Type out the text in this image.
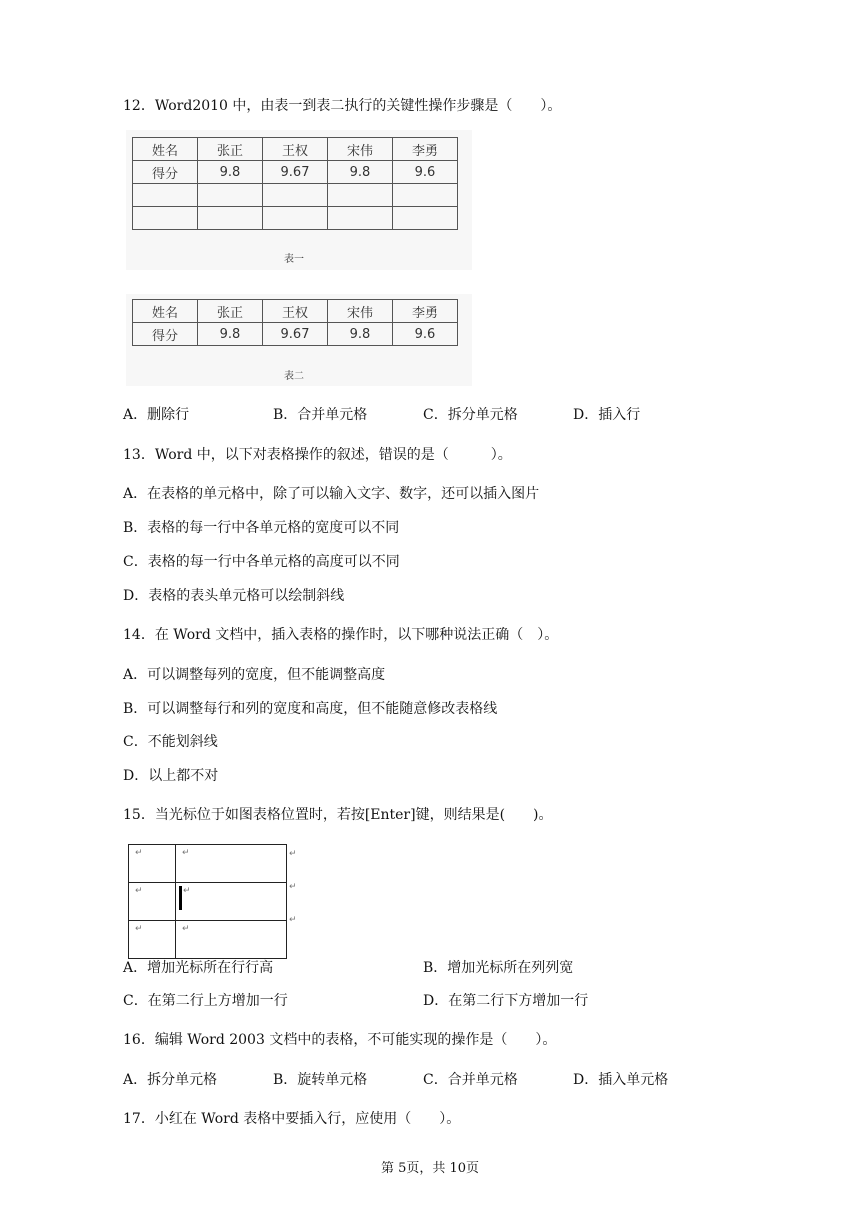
12．Word2010 中，由表一到表二执行的关键性操作步骤是（　　）。
姓名	张正	王权	宋伟	李勇
得分	9.8	9.67	9.8	9.6

表一
姓名	张正	王权	宋伟	李勇
得分	9.8	9.67	9.8	9.6
表二
A．删除行	B．合并单元格	C．拆分单元格	D．插入行
13．Word 中，以下对表格操作的叙述，错误的是（　　　）。
A．在表格的单元格中，除了可以输入文字、数字，还可以插入图片
B．表格的每一行中各单元格的宽度可以不同
C．表格的每一行中各单元格的高度可以不同
D．表格的表头单元格可以绘制斜线
14．在 Word 文档中，插入表格的操作时，以下哪种说法正确（　）。
A．可以调整每列的宽度，但不能调整高度
B．可以调整每行和列的宽度和高度，但不能随意修改表格线
C．不能划斜线
D．以上都不对
15．当光标位于如图表格位置时，若按[Enter]键，则结果是(　　)。
↵	↵
↵	↵
↵	↵
↵
↵
↵
A．增加光标所在行行高	B．增加光标所在列列宽
C．在第二行上方增加一行	D．在第二行下方增加一行
16．编辑 Word 2003 文档中的表格，不可能实现的操作是（　　）。
A．拆分单元格	B．旋转单元格	C．合并单元格	D．插入单元格
17．小红在 Word 表格中要插入行，应使用（　　）。
第 5页，共 10页
